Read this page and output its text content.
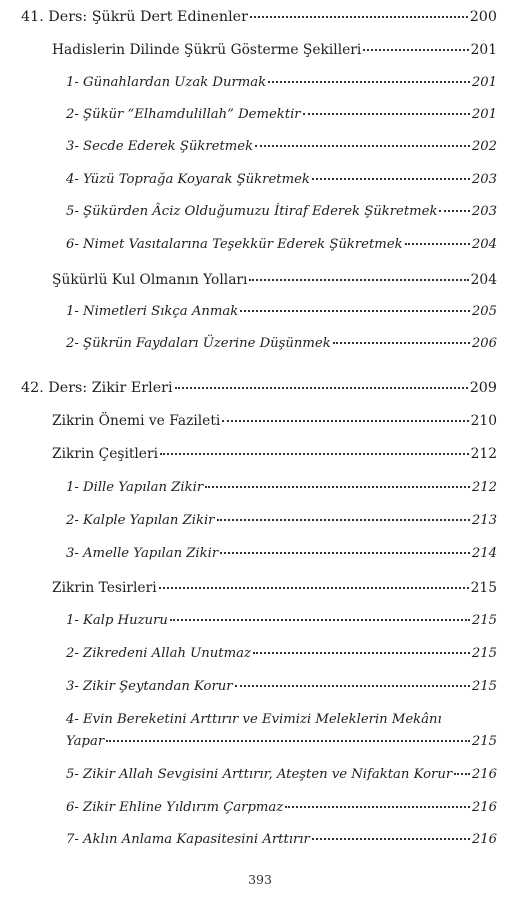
41. Ders: Şükrü Dert Edinenler	200
Hadislerin Dilinde Şükrü Gösterme Şekilleri	201
1- Günahlardan Uzak Durmak	201
2- Şükür “Elhamdulillah” Demektir	201
3- Secde Ederek Şükretmek	202
4- Yüzü Toprağa Koyarak Şükretmek	203
5- Şükürden Âciz Olduğumuzu İtiraf Ederek Şükretmek	203
6- Nimet Vasıtalarına Teşekkür Ederek Şükretmek	204
Şükürlü Kul Olmanın Yolları	204
1- Nimetleri Sıkça Anmak	205
2- Şükrün Faydaları Üzerine Düşünmek	206
42. Ders: Zikir Erleri	209
Zikrin Önemi ve Fazileti	210
Zikrin Çeşitleri	212
1- Dille Yapılan Zikir	212
2- Kalple Yapılan Zikir	213
3- Amelle Yapılan Zikir	214
Zikrin Tesirleri	215
1- Kalp Huzuru	215
2- Zikredeni Allah Unutmaz	215
3- Zikir Şeytandan Korur	215
4- Evin Bereketini Arttırır ve Evimizi Meleklerin Mekânı
Yapar	215
5- Zikir Allah Sevgisini Arttırır, Ateşten ve Nifaktan Korur 216
6- Zikir Ehline Yıldırım Çarpmaz	216
7- Aklın Anlama Kapasitesini Arttırır	216
393
